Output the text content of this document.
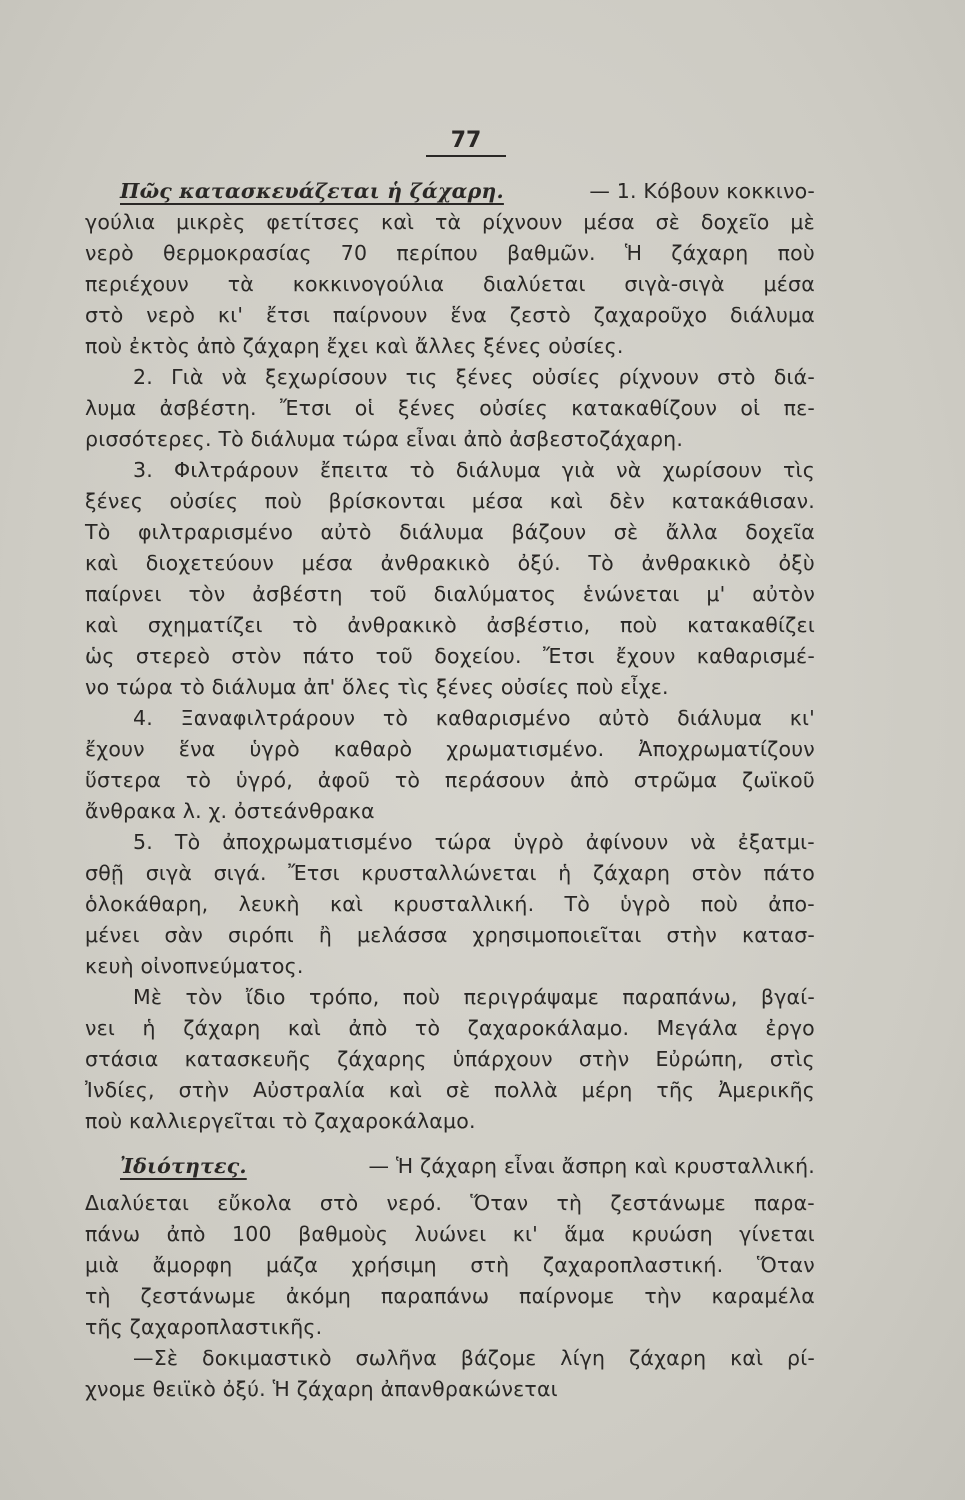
77
Πῶς κατασκευάζεται ἡ ζάχαρη.	— 1. Κόβουν κοκκινο-
γούλια μικρὲς φετίτσες καὶ τὰ ρίχνουν μέσα σὲ δοχεῖο μὲ
νερὸ θερμοκρασίας 70 περίπου βαθμῶν. Ἡ ζάχαρη ποὺ
περιέχουν τὰ κοκκινογούλια διαλύεται σιγὰ-σιγὰ μέσα
στὸ νερὸ κι' ἔτσι παίρνουν ἕνα ζεστὸ ζαχαροῦχο διάλυμα
ποὺ ἐκτὸς ἀπὸ ζάχαρη ἔχει καὶ ἄλλες ξένες οὐσίες.
2. Γιὰ νὰ ξεχωρίσουν τις ξένες οὐσίες ρίχνουν στὸ διά-
λυμα ἀσβέστη. Ἔτσι οἱ ξένες οὐσίες κατακαθίζουν οἱ πε-
ρισσότερες. Τὸ διάλυμα τώρα εἶναι ἀπὸ ἀσβεστοζάχαρη.
3. Φιλτράρουν ἔπειτα τὸ διάλυμα γιὰ νὰ χωρίσουν τὶς
ξένες οὐσίες ποὺ βρίσκονται μέσα καὶ δὲν κατακάθισαν.
Τὸ φιλτραρισμένο αὐτὸ διάλυμα βάζουν σὲ ἄλλα δοχεῖα
καὶ διοχετεύουν μέσα ἀνθρακικὸ ὀξύ. Τὸ ἀνθρακικὸ ὀξὺ
παίρνει τὸν ἀσβέστη τοῦ διαλύματος ἑνώνεται μ' αὐτὸν
καὶ σχηματίζει τὸ ἀνθρακικὸ ἀσβέστιο, ποὺ κατακαθίζει
ὡς στερεὸ στὸν πάτο τοῦ δοχείου. Ἔτσι ἔχουν καθαρισμέ-
νο τώρα τὸ διάλυμα ἀπ' ὅλες τὶς ξένες οὐσίες ποὺ εἶχε.
4. Ξαναφιλτράρουν τὸ καθαρισμένο αὐτὸ διάλυμα κι'
ἔχουν ἕνα ὑγρὸ καθαρὸ χρωματισμένο. Ἀποχρωματίζουν
ὕστερα τὸ ὑγρό, ἀφοῦ τὸ περάσουν ἀπὸ στρῶμα ζωϊκοῦ
ἄνθρακα λ. χ. ὀστεάνθρακα
5. Τὸ ἀποχρωματισμένο τώρα ὑγρὸ ἀφίνουν νὰ ἐξατμι-
σθῇ σιγὰ σιγά. Ἔτσι κρυσταλλώνεται ἡ ζάχαρη στὸν πάτο
ὁλοκάθαρη, λευκὴ καὶ κρυσταλλική. Τὸ ὑγρὸ ποὺ ἀπο-
μένει σὰν σιρόπι ἢ μελάσσα χρησιμοποιεῖται στὴν κατασ-
κευὴ οἰνοπνεύματος.
Μὲ τὸν ἴδιο τρόπο, ποὺ περιγράψαμε παραπάνω, βγαί-
νει ἡ ζάχαρη καὶ ἀπὸ τὸ ζαχαροκάλαμο. Μεγάλα ἐργο
στάσια κατασκευῆς ζάχαρης ὑπάρχουν στὴν Εὐρώπη, στὶς
Ἰνδίες, στὴν Αὐστραλία καὶ σὲ πολλὰ μέρη τῆς Ἀμερικῆς
ποὺ καλλιεργεῖται τὸ ζαχαροκάλαμο.
Ἰδιότητες.	— Ἡ ζάχαρη εἶναι ἄσπρη καὶ κρυσταλλική.
Διαλύεται εὔκολα στὸ νερό. Ὅταν τὴ ζεστάνωμε παρα-
πάνω ἀπὸ 100 βαθμοὺς λυώνει κι' ἅμα κρυώση γίνεται
μιὰ ἄμορφη μάζα χρήσιμη στὴ ζαχαροπλαστική. Ὅταν
τὴ ζεστάνωμε ἀκόμη παραπάνω παίρνομε τὴν καραμέλα
τῆς ζαχαροπλαστικῆς.
—Σὲ δοκιμαστικὸ σωλῆνα βάζομε λίγη ζάχαρη καὶ ρί-
χνομε θειϊκὸ ὀξύ. Ἡ ζάχαρη ἀπανθρακώνεται
